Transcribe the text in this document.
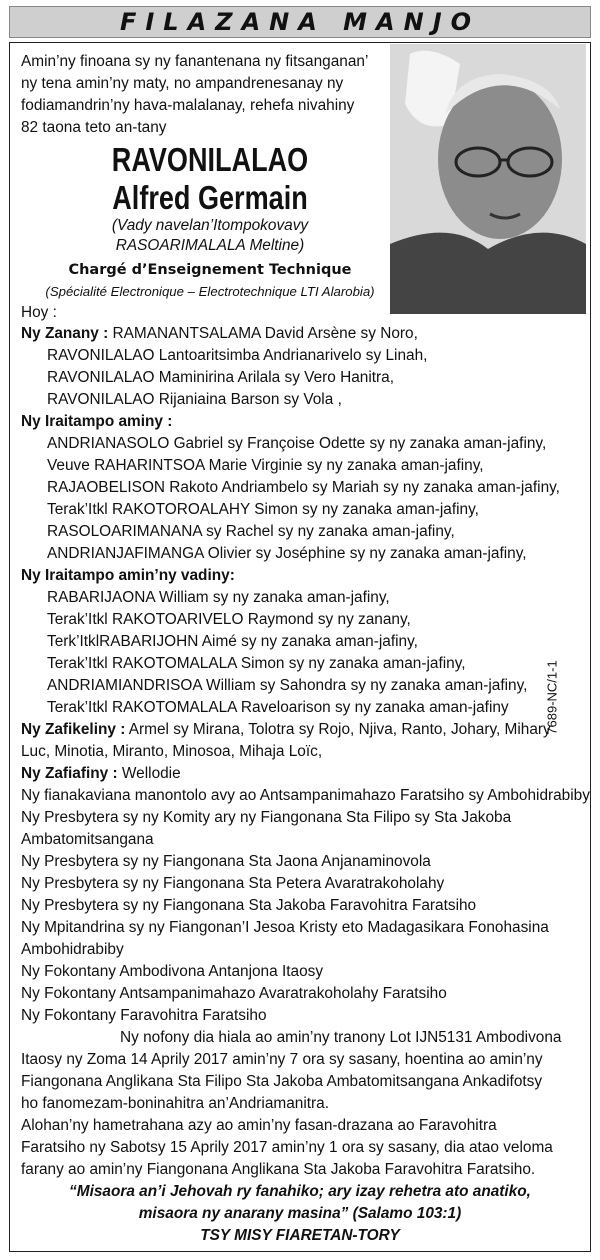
FILAZANA MANJO
Amin’ny finoana sy ny fanantenana ny fitsanganan’
ny tena amin’ny maty, no ampandrenesanay ny
fodiamandrin’ny hava-malalanay, rehefa nivahiny
82 taona teto an-tany
RAVONILALAO
Alfred Germain
(Vady navelan’Itompokovavy
RASOARIMALALA Meltine)
Chargé d’Enseignement Technique
(Spécialité Electronique – Electrotechnique LTI Alarobia)
Hoy :
Ny Zanany : RAMANANTSALAMA David Arsène sy Noro,
RAVONILALAO Lantoaritsimba Andrianarivelo sy Linah,
RAVONILALAO Maminirina Arilala sy Vero Hanitra,
RAVONILALAO Rijaniaina Barson sy Vola ,
Ny Iraitampo aminy :
ANDRIANASOLO Gabriel sy Françoise Odette sy ny zanaka aman-jafiny,
Veuve RAHARINTSOA Marie Virginie sy ny zanaka aman-jafiny,
RAJAOBELISON Rakoto Andriambelo sy Mariah sy ny zanaka aman-jafiny,
Terak’Itkl RAKOTOROALAHY Simon sy ny zanaka aman-jafiny,
RASOLOARIMANANA sy Rachel sy ny zanaka aman-jafiny,
ANDRIANJAFIMANGA Olivier sy Joséphine sy ny zanaka aman-jafiny,
Ny Iraitampo amin’ny vadiny:
RABARIJAONA William sy ny zanaka aman-jafiny,
Terak’Itkl RAKOTOARIVELO Raymond sy ny zanany,
Terk’ItklRABARIJOHN Aimé sy ny zanaka aman-jafiny,
Terak’Itkl RAKOTOMALALA Simon sy ny zanaka aman-jafiny,
ANDRIAMIANDRISOA William sy Sahondra sy ny zanaka aman-jafiny,
Terak’Itkl RAKOTOMALALA Raveloarison sy ny zanaka aman-jafiny	7689-NC/1-1
Ny Zafikeliny : Armel sy Mirana, Tolotra sy Rojo, Njiva, Ranto, Johary, Mihary
Luc, Minotia, Miranto, Minosoa, Mihaja Loïc,
Ny Zafiafiny : Wellodie
Ny fianakaviana manontolo avy ao Antsampanimahazo Faratsiho sy Ambohidrabiby
Ny Presbytera sy ny Komity ary ny Fiangonana Sta Filipo sy Sta Jakoba
Ambatomitsangana
Ny Presbytera sy ny Fiangonana Sta Jaona Anjanaminovola
Ny Presbytera sy ny Fiangonana Sta Petera Avaratrakoholahy
Ny Presbytera sy ny Fiangonana Sta Jakoba Faravohitra Faratsiho
Ny Mpitandrina sy ny Fiangonan’I Jesoa Kristy eto Madagasikara Fonohasina
Ambohidrabiby
Ny Fokontany Ambodivona Antanjona Itaosy
Ny Fokontany Antsampanimahazo Avaratrakoholahy Faratsiho
Ny Fokontany Faravohitra Faratsiho
Ny nofony dia hiala ao amin’ny tranony Lot IJN5131 Ambodivona
Itaosy ny Zoma 14 Aprily 2017 amin’ny 7 ora sy sasany, hoentina ao amin’ny
Fiangonana Anglikana Sta Filipo Sta Jakoba Ambatomitsangana Ankadifotsy
ho fanomezam-boninahitra an’Andriamanitra.
Alohan’ny hametrahana azy ao amin’ny fasan-drazana ao Faravohitra
Faratsiho ny Sabotsy 15 Aprily 2017 amin’ny 1 ora sy sasany, dia atao veloma
farany ao amin’ny Fiangonana Anglikana Sta Jakoba Faravohitra Faratsiho.
“Misaora an’i Jehovah ry fanahiko; ary izay rehetra ato anatiko,
misaora ny anarany masina” (Salamo 103:1)
TSY MISY FIARETAN-TORY
